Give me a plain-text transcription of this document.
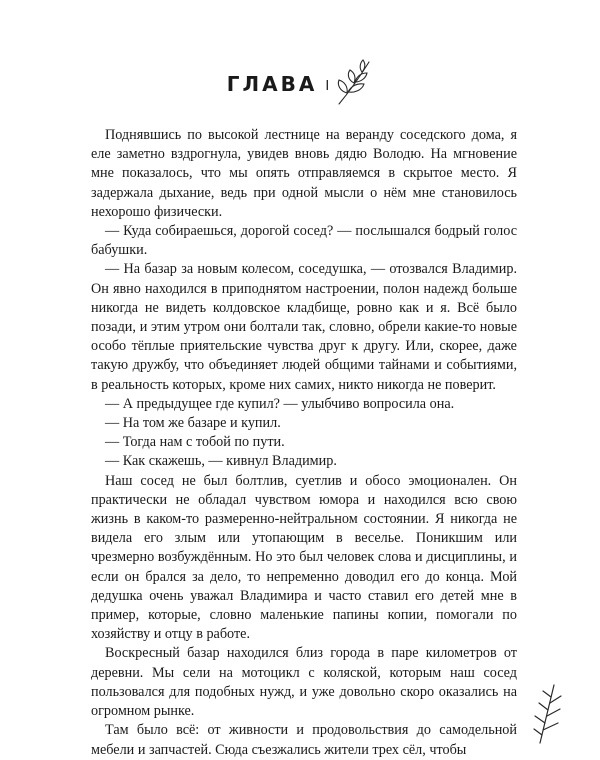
ГЛАВА I

Поднявшись по высокой лестнице на веранду соседского дома, я еле заметно вздрогнула, увидев вновь дядю Володю. На мгновение мне показалось, что мы опять отправляемся в скрытое место. Я задержала дыхание, ведь при одной мысли о нём мне становилось нехорошо физически.

— Куда собираешься, дорогой сосед? — послышался бодрый голос бабушки.

— На базар за новым колесом, соседушка, — отозвался Владимир. Он явно находился в приподнятом настроении, полон надежд больше никогда не видеть колдовское кладбище, ровно как и я. Всё было позади, и этим утром они болтали так, словно, обрели какие-то новые особо тёплые приятельские чувства друг к другу. Или, скорее, даже такую дружбу, что объединяет людей общими тайнами и событиями, в реальность которых, кроме них самих, никто никогда не поверит.

— А предыдущее где купил? — улыбчиво вопросила она.

— На том же базаре и купил.

— Тогда нам с тобой по пути.

— Как скажешь, — кивнул Владимир.

Наш сосед не был болтлив, суетлив и обосо эмоционален. Он практически не обладал чувством юмора и находился всю свою жизнь в каком-то размеренно-нейтральном состоянии. Я никогда не видела его злым или утопающим в веселье. Поникшим или чрезмерно возбуждённым. Но это был человек слова и дисциплины, и если он брался за дело, то непременно доводил его до конца. Мой дедушка очень уважал Владимира и часто ставил его детей мне в пример, которые, словно маленькие папины копии, помогали по хозяйству и отцу в работе.

Воскресный базар находился близ города в паре километров от деревни. Мы сели на мотоцикл с коляской, которым наш сосед пользовался для подобных нужд, и уже довольно скоро оказались на огромном рынке.

Там было всё: от живности и продовольствия до самодельной мебели и запчастей. Сюда съезжались жители трех сёл, чтобы
